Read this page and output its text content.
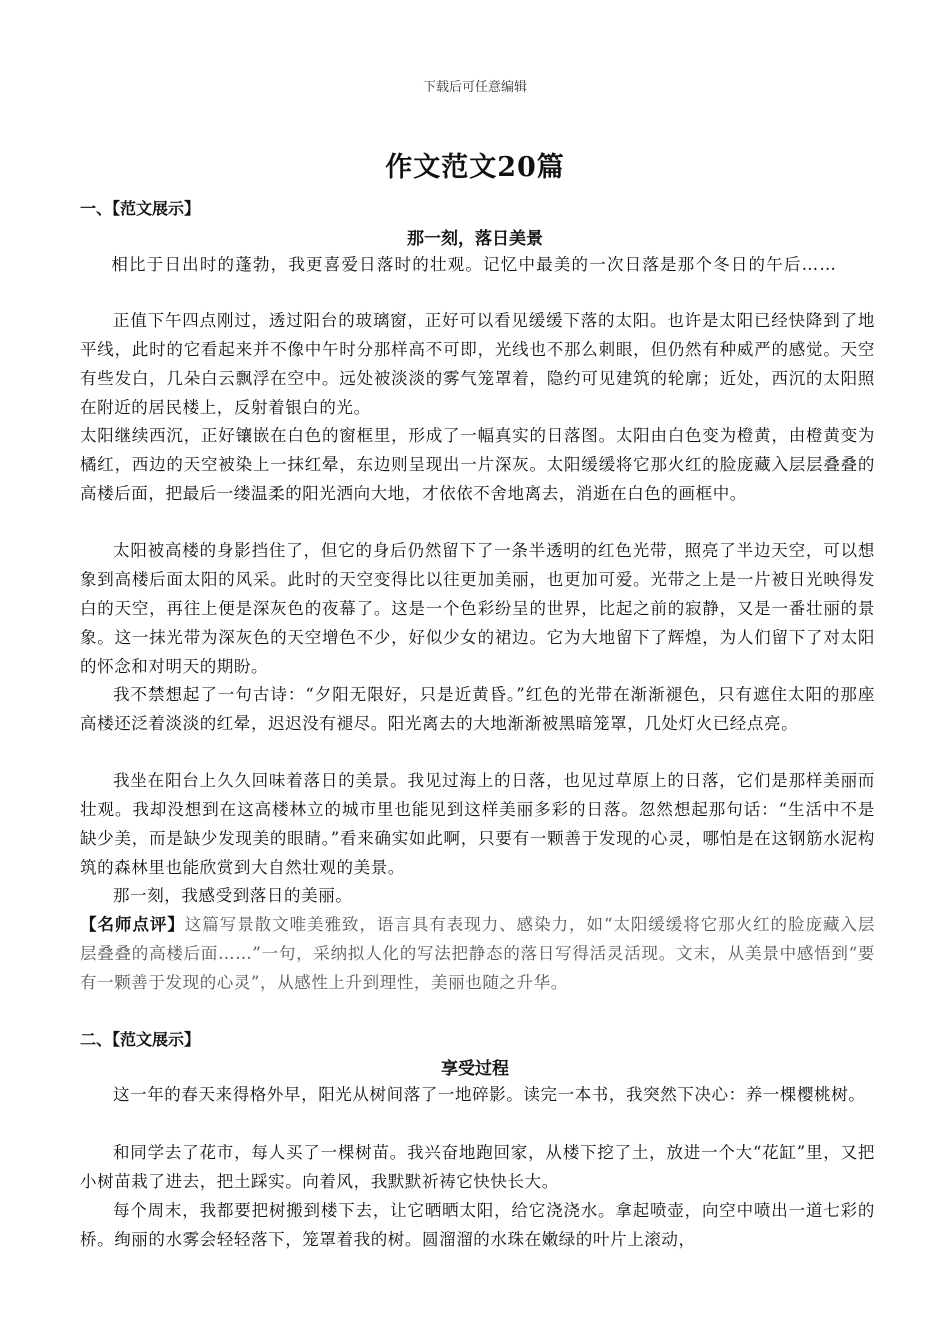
下载后可任意编辑
作文范文20篇
一、【范文展示】
那一刻，落日美景

相比于日出时的蓬勃，我更喜爱日落时的壮观。记忆中最美的一次日落是那个冬日的午后……

正值下午四点刚过，透过阳台的玻璃窗，正好可以看见缓缓下落的太阳。也许是太阳已经快降到了地平线，此时的它看起来并不像中午时分那样高不可即，光线也不那么刺眼，但仍然有种威严的感觉。天空有些发白，几朵白云飘浮在空中。远处被淡淡的雾气笼罩着，隐约可见建筑的轮廓；近处，西沉的太阳照在附近的居民楼上，反射着银白的光。

太阳继续西沉，正好镶嵌在白色的窗框里，形成了一幅真实的日落图。太阳由白色变为橙黄，由橙黄变为橘红，西边的天空被染上一抹红晕，东边则呈现出一片深灰。太阳缓缓将它那火红的脸庞藏入层层叠叠的高楼后面，把最后一缕温柔的阳光洒向大地，才依依不舍地离去，消逝在白色的画框中。

太阳被高楼的身影挡住了，但它的身后仍然留下了一条半透明的红色光带，照亮了半边天空，可以想象到高楼后面太阳的风采。此时的天空变得比以往更加美丽，也更加可爱。光带之上是一片被日光映得发白的天空，再往上便是深灰色的夜幕了。这是一个色彩纷呈的世界，比起之前的寂静，又是一番壮丽的景象。这一抹光带为深灰色的天空增色不少，好似少女的裙边。它为大地留下了辉煌，为人们留下了对太阳的怀念和对明天的期盼。

我不禁想起了一句古诗：“夕阳无限好，只是近黄昏。”红色的光带在渐渐褪色，只有遮住太阳的那座高楼还泛着淡淡的红晕，迟迟没有褪尽。阳光离去的大地渐渐被黑暗笼罩，几处灯火已经点亮。

我坐在阳台上久久回味着落日的美景。我见过海上的日落，也见过草原上的日落，它们是那样美丽而壮观。我却没想到在这高楼林立的城市里也能见到这样美丽多彩的日落。忽然想起那句话：“生活中不是缺少美，而是缺少发现美的眼睛。”看来确实如此啊，只要有一颗善于发现的心灵，哪怕是在这钢筋水泥构筑的森林里也能欣赏到大自然壮观的美景。

那一刻，我感受到落日的美丽。

【名师点评】这篇写景散文唯美雅致，语言具有表现力、感染力，如“太阳缓缓将它那火红的脸庞藏入层层叠叠的高楼后面……”一句，采纳拟人化的写法把静态的落日写得活灵活现。文末，从美景中感悟到“要有一颗善于发现的心灵”，从感性上升到理性，美丽也随之升华。

二、【范文展示】
享受过程

这一年的春天来得格外早，阳光从树间落了一地碎影。读完一本书，我突然下决心：养一棵樱桃树。

和同学去了花市，每人买了一棵树苗。我兴奋地跑回家，从楼下挖了土，放进一个大“花缸”里，又把小树苗栽了进去，把土踩实。向着风，我默默祈祷它快快长大。

每个周末，我都要把树搬到楼下去，让它晒晒太阳，给它浇浇水。拿起喷壶，向空中喷出一道七彩的桥。绚丽的水雾会轻轻落下，笼罩着我的树。圆溜溜的水珠在嫩绿的叶片上滚动，
